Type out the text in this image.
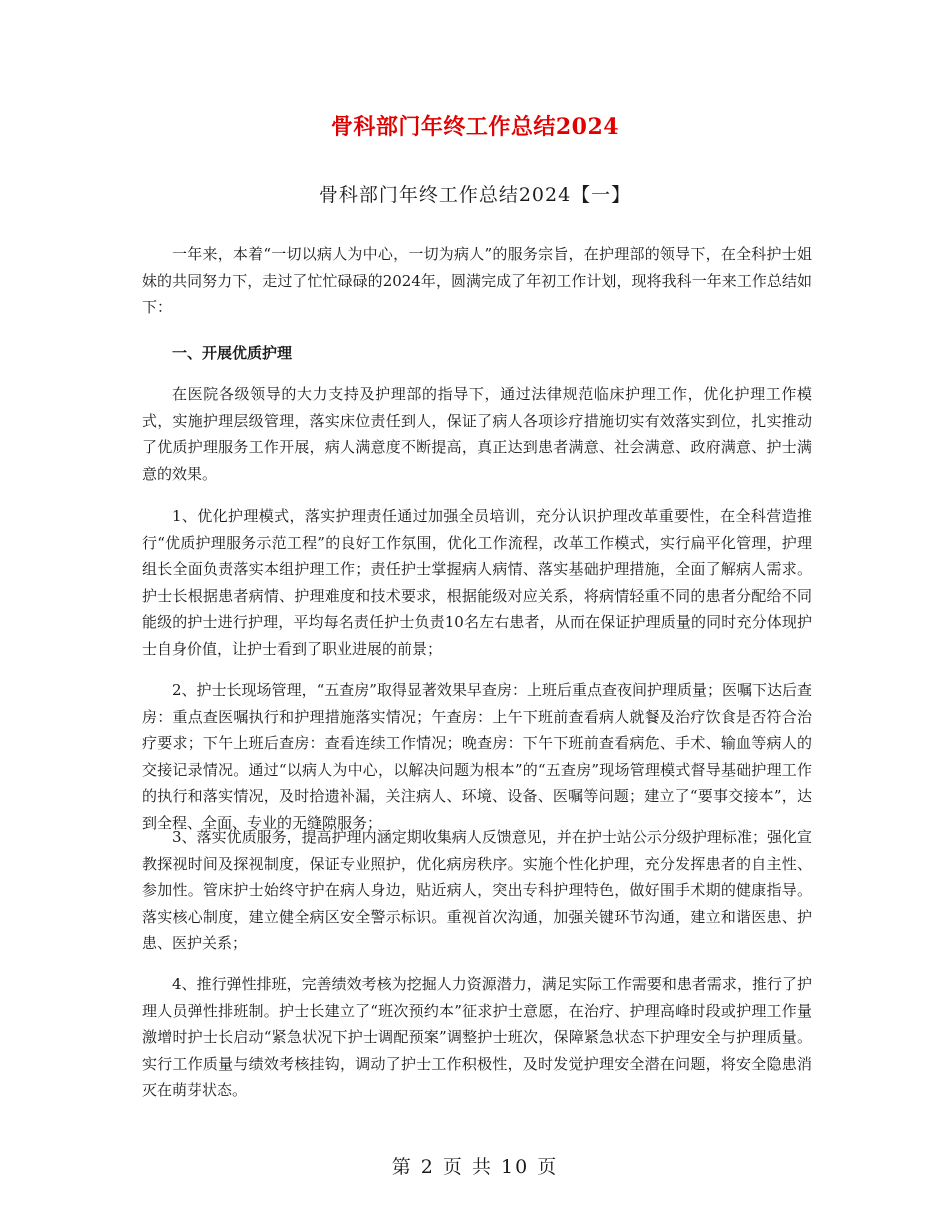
骨科部门年终工作总结2024
骨科部门年终工作总结2024【一】

一年来，本着“一切以病人为中心，一切为病人”的服务宗旨，在护理部的领导下，在全科护士姐妹的共同努力下，走过了忙忙碌碌的2024年，圆满完成了年初工作计划，现将我科一年来工作总结如下：

一、开展优质护理

在医院各级领导的大力支持及护理部的指导下，通过法律规范临床护理工作，优化护理工作模式，实施护理层级管理，落实床位责任到人，保证了病人各项诊疗措施切实有效落实到位，扎实推动了优质护理服务工作开展，病人满意度不断提高，真正达到患者满意、社会满意、政府满意、护士满意的效果。

1、优化护理模式，落实护理责任通过加强全员培训，充分认识护理改革重要性，在全科营造推行“优质护理服务示范工程”的良好工作氛围，优化工作流程，改革工作模式，实行扁平化管理，护理组长全面负责落实本组护理工作；责任护士掌握病人病情、落实基础护理措施，全面了解病人需求。护士长根据患者病情、护理难度和技术要求，根据能级对应关系，将病情轻重不同的患者分配给不同能级的护士进行护理，平均每名责任护士负责10名左右患者，从而在保证护理质量的同时充分体现护士自身价值，让护士看到了职业进展的前景；

2、护士长现场管理，“五查房”取得显著效果早查房：上班后重点查夜间护理质量；医嘱下达后查房：重点查医嘱执行和护理措施落实情况；午查房：上午下班前查看病人就餐及治疗饮食是否符合治疗要求；下午上班后查房：查看连续工作情况；晚查房：下午下班前查看病危、手术、输血等病人的交接记录情况。通过“以病人为中心，以解决问题为根本”的“五查房”现场管理模式督导基础护理工作的执行和落实情况，及时拾遗补漏，关注病人、环境、设备、医嘱等问题；建立了“要事交接本”，达到全程、全面、专业的无缝隙服务；

3、落实优质服务，提高护理内涵定期收集病人反馈意见，并在护士站公示分级护理标准；强化宣教探视时间及探视制度，保证专业照护，优化病房秩序。实施个性化护理，充分发挥患者的自主性、参加性。管床护士始终守护在病人身边，贴近病人，突出专科护理特色，做好围手术期的健康指导。落实核心制度，建立健全病区安全警示标识。重视首次沟通，加强关键环节沟通，建立和谐医患、护患、医护关系；

4、推行弹性排班，完善绩效考核为挖掘人力资源潜力，满足实际工作需要和患者需求，推行了护理人员弹性排班制。护士长建立了“班次预约本”征求护士意愿，在治疗、护理高峰时段或护理工作量激增时护士长启动“紧急状况下护士调配预案”调整护士班次，保障紧急状态下护理安全与护理质量。实行工作质量与绩效考核挂钩，调动了护士工作积极性，及时发觉护理安全潜在问题，将安全隐患消灭在萌芽状态。

第 2 页 共 10 页
